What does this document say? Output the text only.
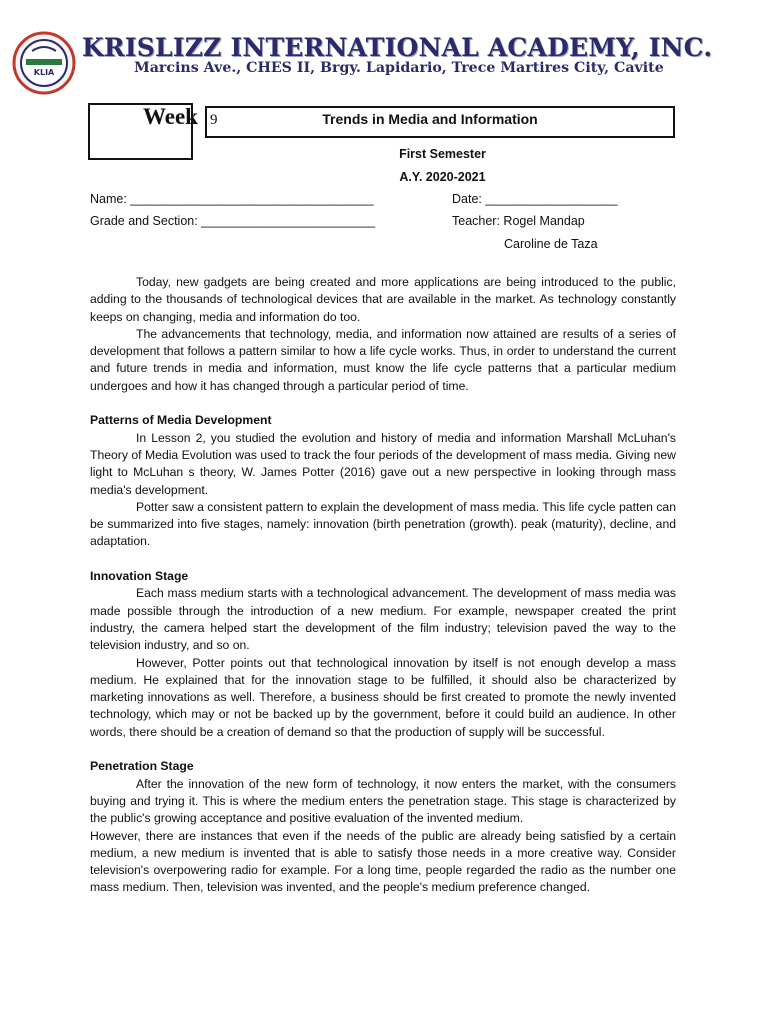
KLIA
KRISLIZZ INTERNATIONAL ACADEMY, INC.
Marcins Ave., CHES II, Brgy. Lapidario, Trece Martires City, Cavite
Week 9	Trends in Media and Information
First Semester
A.Y. 2020-2021
Name: ___________________________________	Date: ___________________
Grade and Section: _________________________	Teacher: Rogel Mandap
Caroline de Taza

Today, new gadgets are being created and more applications are being introduced to the public, adding to the thousands of technological devices that are available in the market. As technology constantly keeps on changing, media and information do too.

The advancements that technology, media, and information now attained are results of a series of development that follows a pattern similar to how a life cycle works. Thus, in order to understand the current and future trends in media and information, must know the life cycle patterns that a particular medium undergoes and how it has changed through a particular period of time.

Patterns of Media Development

In Lesson 2, you studied the evolution and history of media and information Marshall McLuhan's Theory of Media Evolution was used to track the four periods of the development of mass media. Giving new light to McLuhan s theory, W. James Potter (2016) gave out a new perspective in looking through mass media's development.

Potter saw a consistent pattern to explain the development of mass media. This life cycle patten can be summarized into five stages, namely: innovation (birth penetration (growth). peak (maturity), decline, and adaptation.

Innovation Stage

Each mass medium starts with a technological advancement. The development of mass media was made possible through the introduction of a new medium. For example, newspaper created the print industry, the camera helped start the development of the film industry; television paved the way to the television industry, and so on.

However, Potter points out that technological innovation by itself is not enough develop a mass medium. He explained that for the innovation stage to be fulfilled, it should also be characterized by marketing innovations as well. Therefore, a business should be first created to promote the newly invented technology, which may or not be backed up by the government, before it could build an audience. In other words, there should be a creation of demand so that the production of supply will be successful.

Penetration Stage

After the innovation of the new form of technology, it now enters the market, with the consumers buying and trying it. This is where the medium enters the penetration stage. This stage is characterized by the public's growing acceptance and positive evaluation of the invented medium.

However, there are instances that even if the needs of the public are already being satisfied by a certain medium, a new medium is invented that is able to satisfy those needs in a more creative way. Consider television's overpowering radio for example. For a long time, people regarded the radio as the number one mass medium. Then, television was invented, and the people's medium preference changed.
